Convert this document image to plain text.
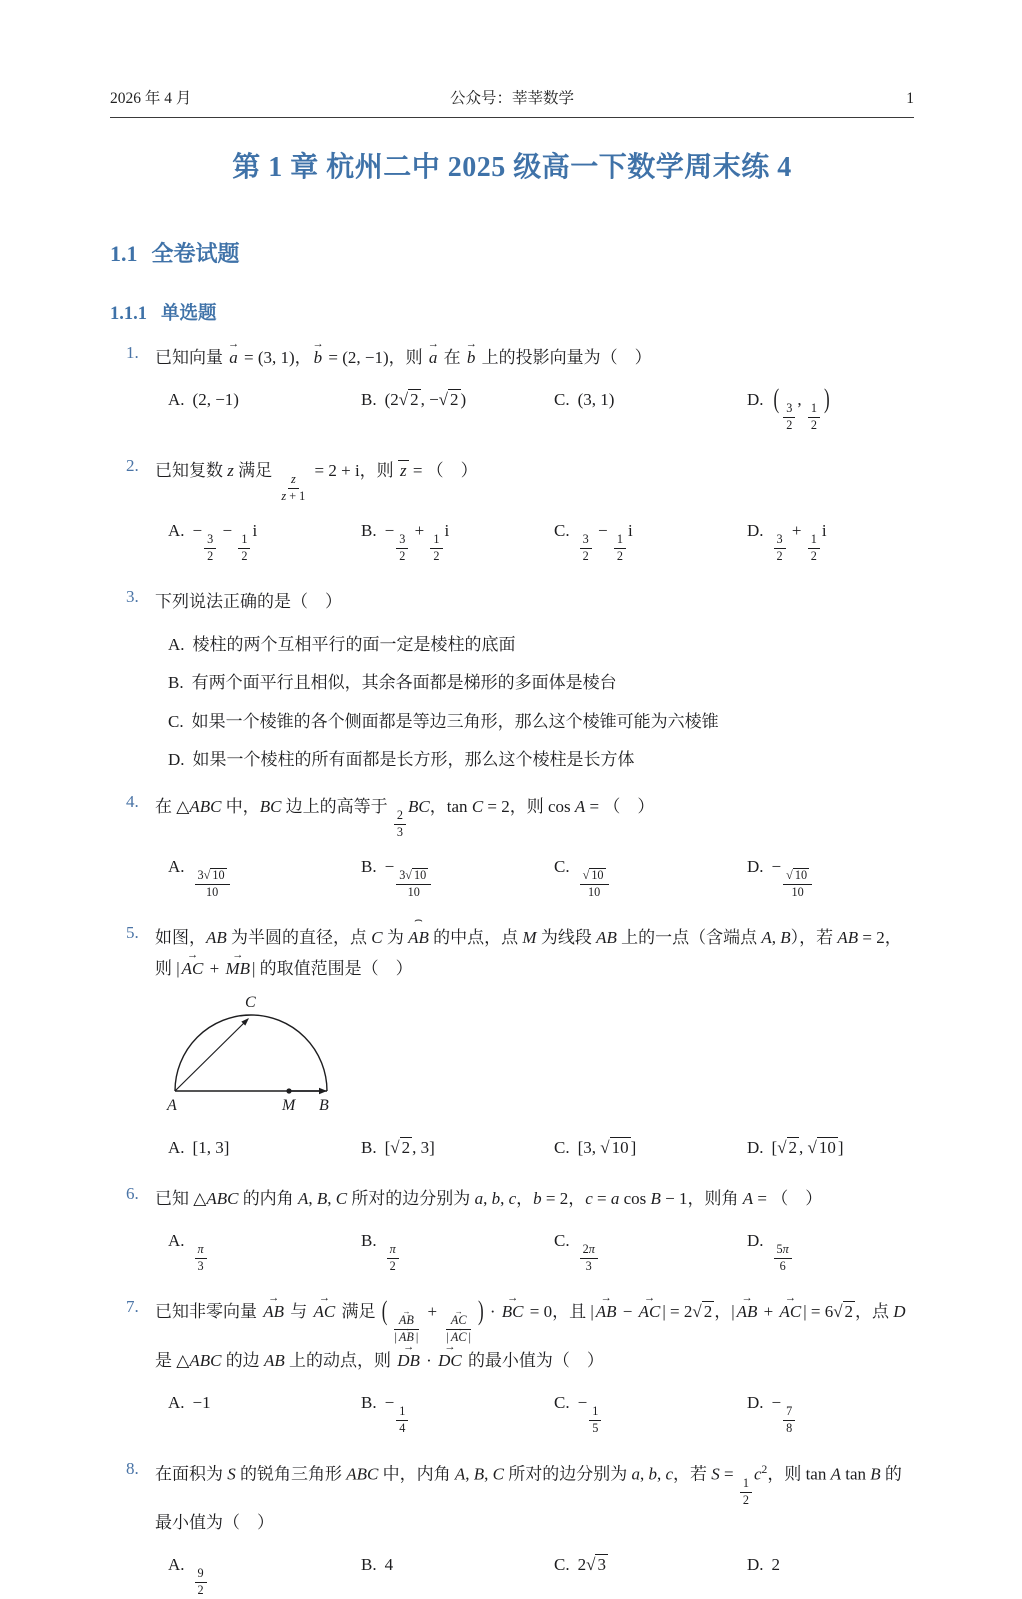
2026 年 4 月	公众号：莘莘数学	1
第 1 章 杭州二中 2025 级高一下数学周末练 4
1.1 全卷试题
1.1.1 单选题
1. 已知向量 → a = (3, 1)， → b = (2, −1)，则 → a 在 → b 上的投影向量为（　）
A. (2, −1)	B. (2√ 2 , −√ 2 )	C. (3, 1)	D. (
$\frac{3}{2}$
,
$\frac{1}{2}$
)
2. 已知复数 z 满足
$\frac{z}{z + 1}$
= 2 + i，则 z = （　）
A. −
$\frac{3}{2}$
−
$\frac{1}{2}$
i	B. −
$\frac{3}{2}$
+
$\frac{1}{2}$
i	C.
$\frac{3}{2}$
−
$\frac{1}{2}$
i	D.
$\frac{3}{2}$
+
$\frac{1}{2}$
i
3. 下列说法正确的是（　）
A. 棱柱的两个互相平行的面一定是棱柱的底面
B. 有两个面平行且相似，其余各面都是梯形的多面体是棱台
C. 如果一个棱锥的各个侧面都是等边三角形，那么这个棱锥可能为六棱锥
D. 如果一个棱柱的所有面都是长方形，那么这个棱柱是长方体
4. 在 △ABC 中，BC 边上的高等于
$\frac{2}{3}$
BC，tan C = 2，则 cos A = （　）
A.
$\frac{3√ 10}{10}$
B. −
$\frac{3√ 10}{10}$
C.
$\frac{√ 10}{10}$
D. −
$\frac{√ 10}{10}$
5. 如图，AB 为半圆的直径，点 C 为 ⌢ AB 的中点，点 M 为线段 AB 上的一点（含端点 A, B），若 AB = 2，则 | → AC + → MB | 的取值范围是（　）
C
A	M B
A. [1, 3]	B. [√ 2 , 3]	C. [3, √ 10 ]	D. [√ 2 , √ 10 ]
6. 已知 △ABC 的内角 A, B, C 所对的边分别为 a, b, c，b = 2，c = a cos B − 1，则角 A = （　）
A.
$\frac{\pi}{3}$
B.
$\frac{\pi}{2}$
C.
$\frac{2\pi}{3}$
D.
$\frac{5\pi}{6}$
7. 已知非零向量 → AB 与 → AC 满足 (
→ $\frac{AB}{| \to AB |}$
+
→ $\frac{AC}{| \to AC |}$
) · → BC = 0，且 | → AB − → AC | = 2√ 2 ，| → AB + → AC | = 6√ 2 ，点 D 是 △ABC 的边 AB 上的动点，则 → DB · → DC 的最小值为（　）
A. −1	B. −
$\frac{1}{4}$
C. −
$\frac{1}{5}$
D. −
$\frac{7}{8}$
8. 在面积为 S 的锐角三角形 ABC 中，内角 A, B, C 所对的边分别为 a, b, c，若 S =
$\frac{1}{2}$
$c^2$，则 tan A tan B 的最小值为（　）
A.
$\frac{9}{2}$
B. 4	C. 2√ 3	D. 2
